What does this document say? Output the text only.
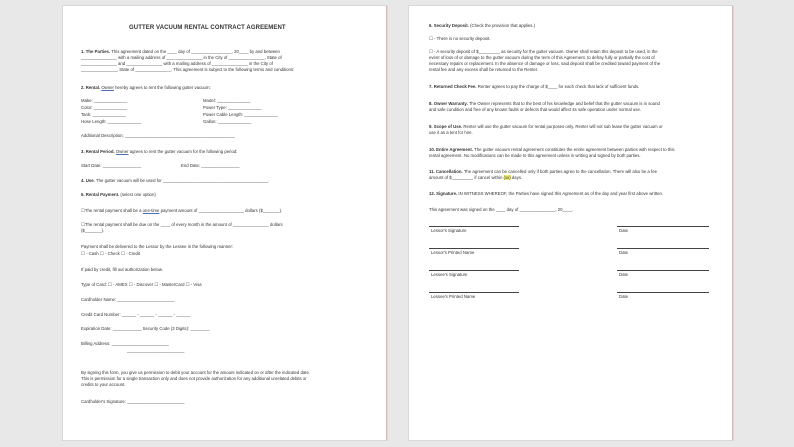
GUTTER VACUUM RENTAL CONTRACT AGREEMENT
1. The Parties. This agreement dated on the ____ day of _________________, 20____ by and between
_______________ with a mailing address of _______________ in the City of _______________, State of
_______________ and _______________ with a mailing address of _______________ in the City of
_______________, State of _______________. This agreement is subject to the following terms and conditions:
2. Rental. Owner hereby agrees to rent the following gutter vacuum:
Make: ______________	Model: ______________
Color: ______________	Power Type: ______________
Tank: ______________	Power Cable Length: ______________
Hose Length: ______________	Gallon: ______________
Additional Description: ______________________________________________
3. Rental Period. Owner agrees to rent the gutter vacuum for the following period:
Start Date: ________________	End Date: ________________
4. Use. The gutter vacuum will be used for ____________________________________________.
5. Rental Payment. (select one option)
☐The rental payment shall be a one-time payment amount of ___________________ dollars ($_______).
☐The rental payment shall be due on the ____ of every month in the amount of _______________ dollars
($_______).
Payment shall be delivered to the Lessor by the Lessee in the following manner:
☐ - Cash ☐ - Check ☐ - Credit
If paid by credit, fill out authorization below.
Type of Card: ☐ - AMEX ☐ - Discover ☐ - MasterCard ☐ - Visa
Cardholder Name: ________________________
Credit Card Number: ______ - ______ - ______ - ______
Expiration Date: ____________ Security Code (3 Digits): ________
Billing Address: ________________________
________________________
By signing this form, you give us permission to debit your account for the amount indicated on or after the indicated date.
This is permission for a single transaction only and does not provide authorization for any additional unrelated debits or
credits to your account.
Cardholder's Signature: ________________________
6. Security Deposit. (Check the provision that applies.)
☐ - There is no security deposit.
☐ - A security deposit of $_________ as security for the gutter vacuum. Owner shall retain this deposit to be used, in the
event of loss of or damage to the gutter vacuum during the term of this Agreement, to defray fully or partially the cost of
necessary repairs or replacement. In the absence of damage or loss, said deposit shall be credited toward payment of the
rental fee and any excess shall be returned to the Renter.
7. Returned Check Fee. Renter agrees to pay the charge of $____ for each check that lack of sufficient funds.
8. Owner Warranty. The Owner represents that to the best of his knowledge and belief that the gutter vacuum is in sound
and safe condition and free of any known faults or defects that would affect its safe operation under normal use.
9. Scope of Use. Renter will use the gutter vacuum for rental purposes only. Renter will not sub lease the gutter vacuum or
use it as a tent for hire.
10. Entire Agreement. The gutter vacuum rental agreement constitutes the entire agreement between parties with respect to this
rental agreement. No modifications can be made to this agreement unless in writing and signed by both parties.
11. Cancellation. The agreement can be cancelled only if both parties agree to the cancellation. There will also be a fee
amount of $_________ if cancel within (xx) days.
12. Signature. IN WITNESS WHEREOF, the Parties have signed this Agreement as of the day and year first above written.
This agreement was signed on the ____ day of _______________, 20____.
Lessor's Signature	Date
Lessor's Printed Name	Date
Lessee's Signature	Date
Lessee's Printed Name	Date
